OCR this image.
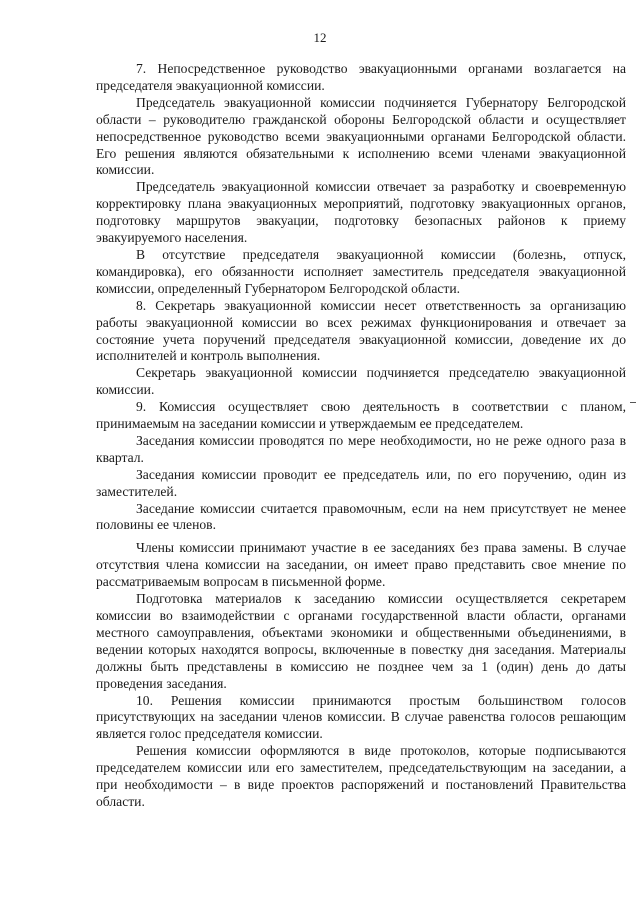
12

7. Непосредственное руководство эвакуационными органами возлагается на председателя эвакуационной комиссии.

Председатель эвакуационной комиссии подчиняется Губернатору Белгородской области – руководителю гражданской обороны Белгородской области и осуществляет непосредственное руководство всеми эвакуационными органами Белгородской области. Его решения являются обязательными к исполнению всеми членами эвакуационной комиссии.

Председатель эвакуационной комиссии отвечает за разработку и своевременную корректировку плана эвакуационных мероприятий, подготовку эвакуационных органов, подготовку маршрутов эвакуации, подготовку безопасных районов к приему эвакуируемого населения.

В отсутствие председателя эвакуационной комиссии (болезнь, отпуск, командировка), его обязанности исполняет заместитель председателя эвакуационной комиссии, определенный Губернатором Белгородской области.

8. Секретарь эвакуационной комиссии несет ответственность за организацию работы эвакуационной комиссии во всех режимах функционирования и отвечает за состояние учета поручений председателя эвакуационной комиссии, доведение их до исполнителей и контроль выполнения.

Секретарь эвакуационной комиссии подчиняется председателю эвакуационной комиссии.

9. Комиссия осуществляет свою деятельность в соответствии с планом, принимаемым на заседании комиссии и утверждаемым ее председателем.

Заседания комиссии проводятся по мере необходимости, но не реже одного раза в квартал.

Заседания комиссии проводит ее председатель или, по его поручению, один из заместителей.

Заседание комиссии считается правомочным, если на нем присутствует не менее половины ее членов.

Члены комиссии принимают участие в ее заседаниях без права замены. В случае отсутствия члена комиссии на заседании, он имеет право представить свое мнение по рассматриваемым вопросам в письменной форме.

Подготовка материалов к заседанию комиссии осуществляется секретарем комиссии во взаимодействии с органами государственной власти области, органами местного самоуправления, объектами экономики и общественными объединениями, в ведении которых находятся вопросы, включенные в повестку дня заседания. Материалы должны быть представлены в комиссию не позднее чем за 1 (один) день до даты проведения заседания.

10. Решения комиссии принимаются простым большинством голосов присутствующих на заседании членов комиссии. В случае равенства голосов решающим является голос председателя комиссии.

Решения комиссии оформляются в виде протоколов, которые подписываются председателем комиссии или его заместителем, председательствующим на заседании, а при необходимости – в виде проектов распоряжений и постановлений Правительства области.
